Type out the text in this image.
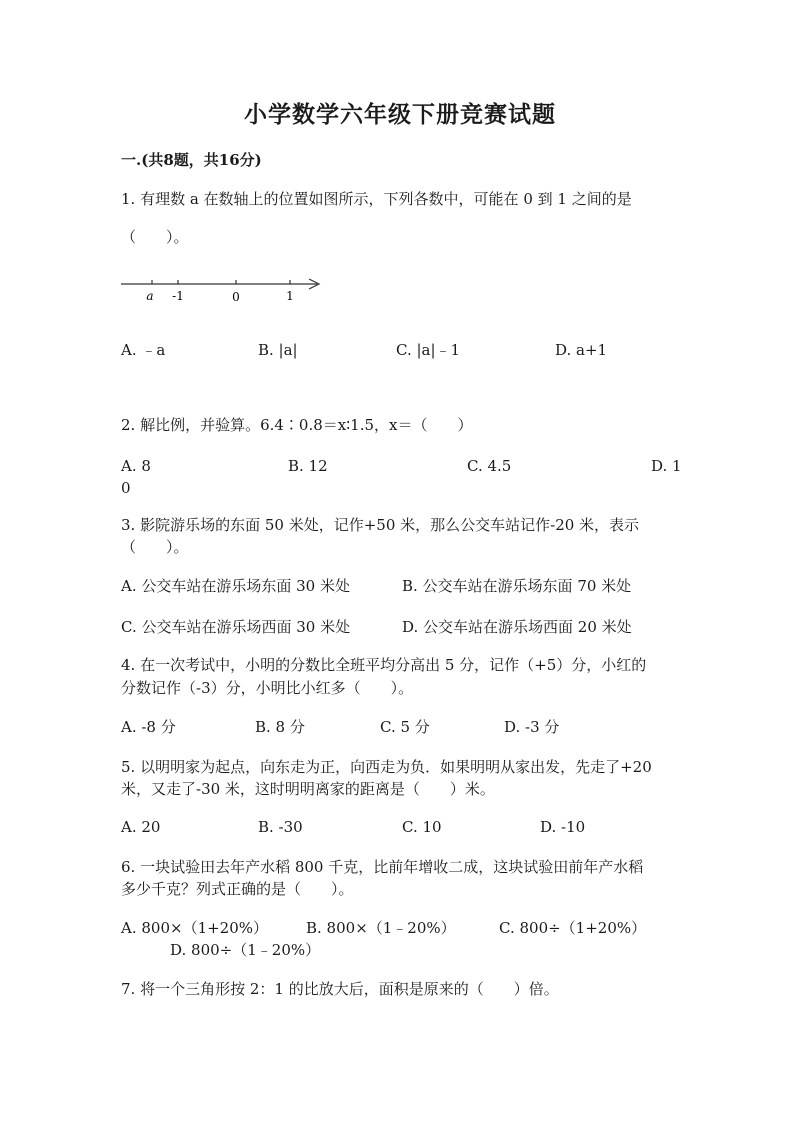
小学数学六年级下册竞赛试题
一.(共8题，共16分)
1. 有理数 a 在数轴上的位置如图所示，下列各数中，可能在 0 到 1 之间的是
（　　）。
a -1	0	1
A. ﹣a	B. |a|	C. |a|﹣1	D. a+1
2. 解比例，并验算。6.4∶0.8＝x∶1.5，x＝（　　）
A. 8	B. 12	C. 4.5	D. 1
0
3. 影院游乐场的东面 50 米处，记作+50 米，那么公交车站记作-20 米，表示
（　　）。
A. 公交车站在游乐场东面 30 米处	B. 公交车站在游乐场东面 70 米处
C. 公交车站在游乐场西面 30 米处	D. 公交车站在游乐场西面 20 米处
4. 在一次考试中，小明的分数比全班平均分高出 5 分，记作（+5）分，小红的
分数记作（-3）分，小明比小红多（　　）。
A. -8 分	B. 8 分	C. 5 分	D. -3 分
5. 以明明家为起点，向东走为正，向西走为负．如果明明从家出发，先走了+20
米，又走了-30 米，这时明明离家的距离是（　　）米。
A. 20	B. -30	C. 10	D. -10
6. 一块试验田去年产水稻 800 千克，比前年增收二成，这块试验田前年产水稻
多少千克？列式正确的是（　　）。
A. 800×（1+20%）	B. 800×（1﹣20%）	C. 800÷（1+20%）
D. 800÷（1﹣20%）
7. 将一个三角形按 2：1 的比放大后，面积是原来的（　　）倍。
